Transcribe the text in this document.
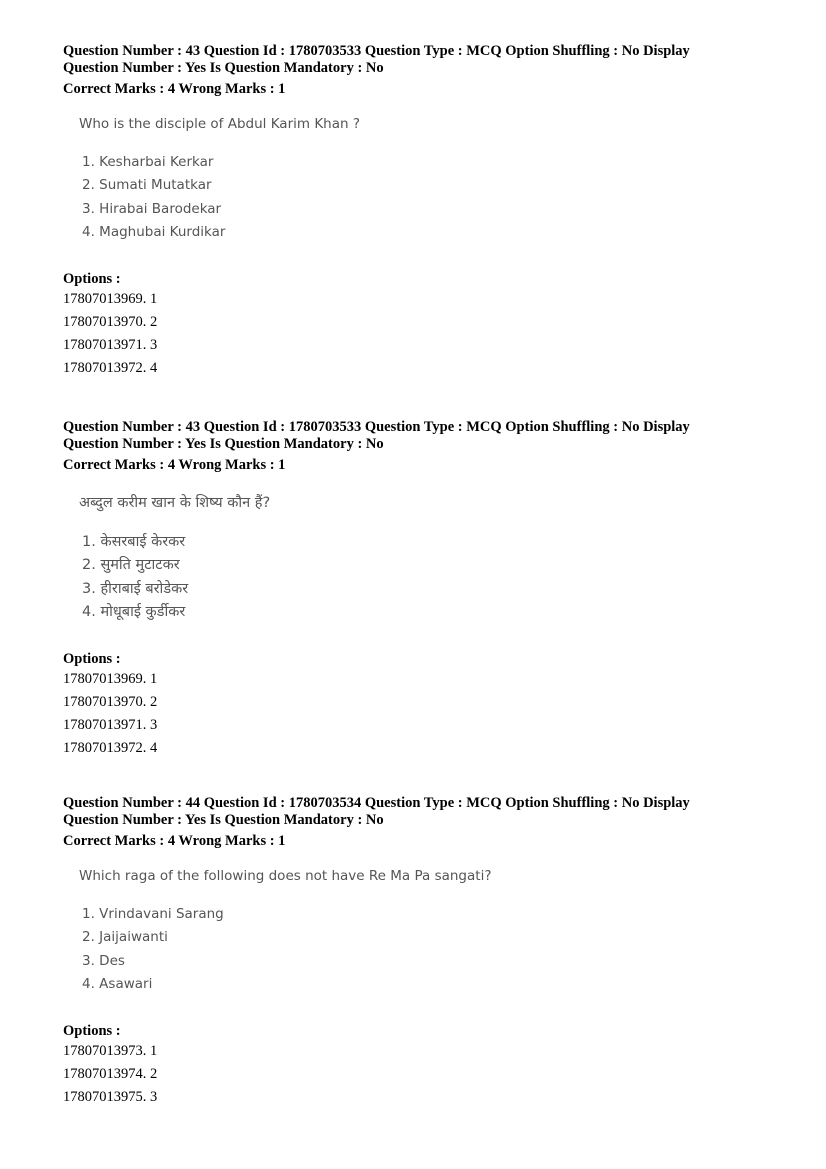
Question Number : 43 Question Id : 1780703533 Question Type : MCQ Option Shuffling : No Display
Question Number : Yes Is Question Mandatory : No
Correct Marks : 4 Wrong Marks : 1
Who is the disciple of Abdul Karim Khan ?
1. Kesharbai Kerkar
2. Sumati Mutatkar
3. Hirabai Barodekar
4. Maghubai Kurdikar
Options :
17807013969. 1
17807013970. 2
17807013971. 3
17807013972. 4
Question Number : 43 Question Id : 1780703533 Question Type : MCQ Option Shuffling : No Display
Question Number : Yes Is Question Mandatory : No
Correct Marks : 4 Wrong Marks : 1
अब्दुल करीम खान के शिष्य कौन हैं?
1. केसरबाई केरकर
2. सुमति मुटाटकर
3. हीराबाई बरोडेकर
4. मोधूबाई कुर्डीकर
Options :
17807013969. 1
17807013970. 2
17807013971. 3
17807013972. 4
Question Number : 44 Question Id : 1780703534 Question Type : MCQ Option Shuffling : No Display
Question Number : Yes Is Question Mandatory : No
Correct Marks : 4 Wrong Marks : 1
Which raga of the following does not have Re Ma Pa sangati?
1. Vrindavani Sarang
2. Jaijaiwanti
3. Des
4. Asawari
Options :
17807013973. 1
17807013974. 2
17807013975. 3
